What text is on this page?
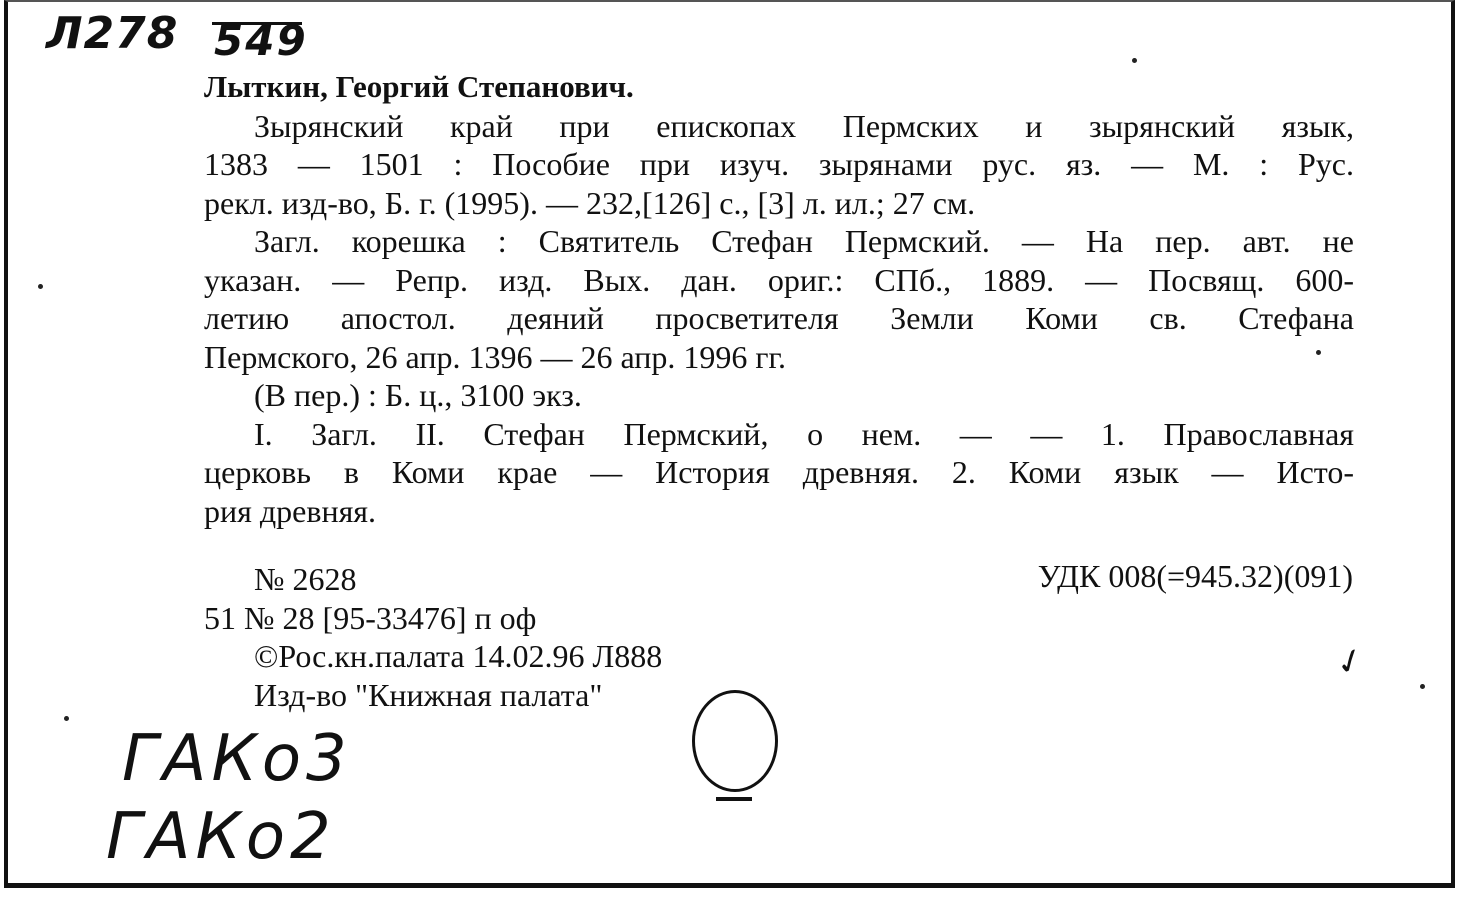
Л278 549
Лыткин, Георгий Степанович.
Зырянский край при епископах Пермских и зырянский язык,
1383 — 1501 : Пособие при изуч. зырянами рус. яз. — М. : Рус.
рекл. изд-во, Б. г. (1995). — 232,[126] с., [3] л. ил.; 27 см.
Загл. корешка : Святитель Стефан Пермский. — На пер. авт. не
указан. — Репр. изд. Вых. дан. ориг.: СПб., 1889. — Посвящ. 600-
летию апостол. деяний просветителя Земли Коми св. Стефана
Пермского, 26 апр. 1396 — 26 апр. 1996 гг.
(В пер.) : Б. ц., 3100 экз.
I. Загл. II. Стефан Пермский, о нем. — — 1. Православная
церковь в Коми крае — История древняя. 2. Коми язык — Исто-
рия древняя.
№ 2628
51 № 28 [95-33476] п оф
©Рос.кн.палата 14.02.96 Л888
Изд-во "Книжная палата"
УДК 008(=945.32)(091)
✓
ГАКо3
ГАКо2
